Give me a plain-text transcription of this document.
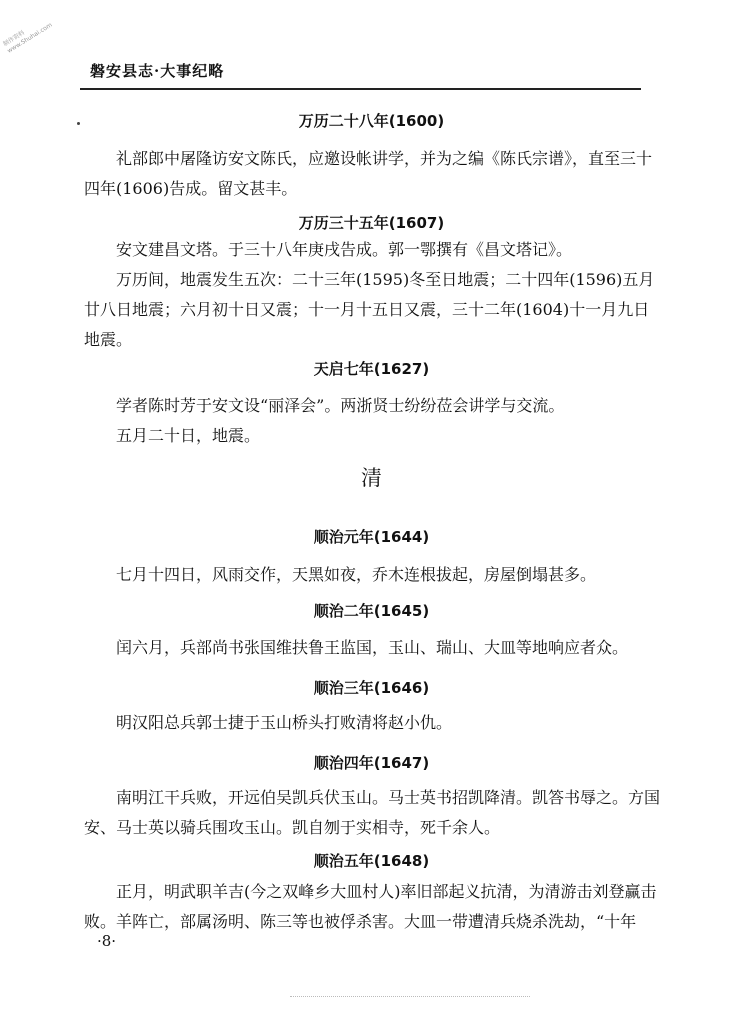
制作资料 www.Shuhai.com
磐安县志·大事纪略
万历二十八年(1600)

礼部郎中屠隆访安文陈氏，应邀设帐讲学，并为之编《陈氏宗谱》，直至三十四年(1606)告成。留文甚丰。

万历三十五年(1607)

安文建昌文塔。于三十八年庚戌告成。郭一鄂撰有《昌文塔记》。

万历间，地震发生五次：二十三年(1595)冬至日地震；二十四年(1596)五月廿八日地震；六月初十日又震；十一月十五日又震，三十二年(1604)十一月九日地震。

天启七年(1627)

学者陈时芳于安文设“丽泽会”。两浙贤士纷纷莅会讲学与交流。

五月二十日，地震。

清
顺治元年(1644)

七月十四日，风雨交作，天黑如夜，乔木连根拔起，房屋倒塌甚多。

顺治二年(1645)

闰六月，兵部尚书张国维扶鲁王监国，玉山、瑞山、大皿等地响应者众。

顺治三年(1646)

明汉阳总兵郭士捷于玉山桥头打败清将赵小仇。

顺治四年(1647)

南明江干兵败，开远伯吴凯兵伏玉山。马士英书招凯降清。凯答书辱之。方国安、马士英以骑兵围攻玉山。凯自刎于实相寺，死千余人。

顺治五年(1648)

正月，明武职羊吉(今之双峰乡大皿村人)率旧部起义抗清，为清游击刘登赢击败。羊阵亡，部属汤明、陈三等也被俘杀害。大皿一带遭清兵烧杀洗劫，“十年

·8·
